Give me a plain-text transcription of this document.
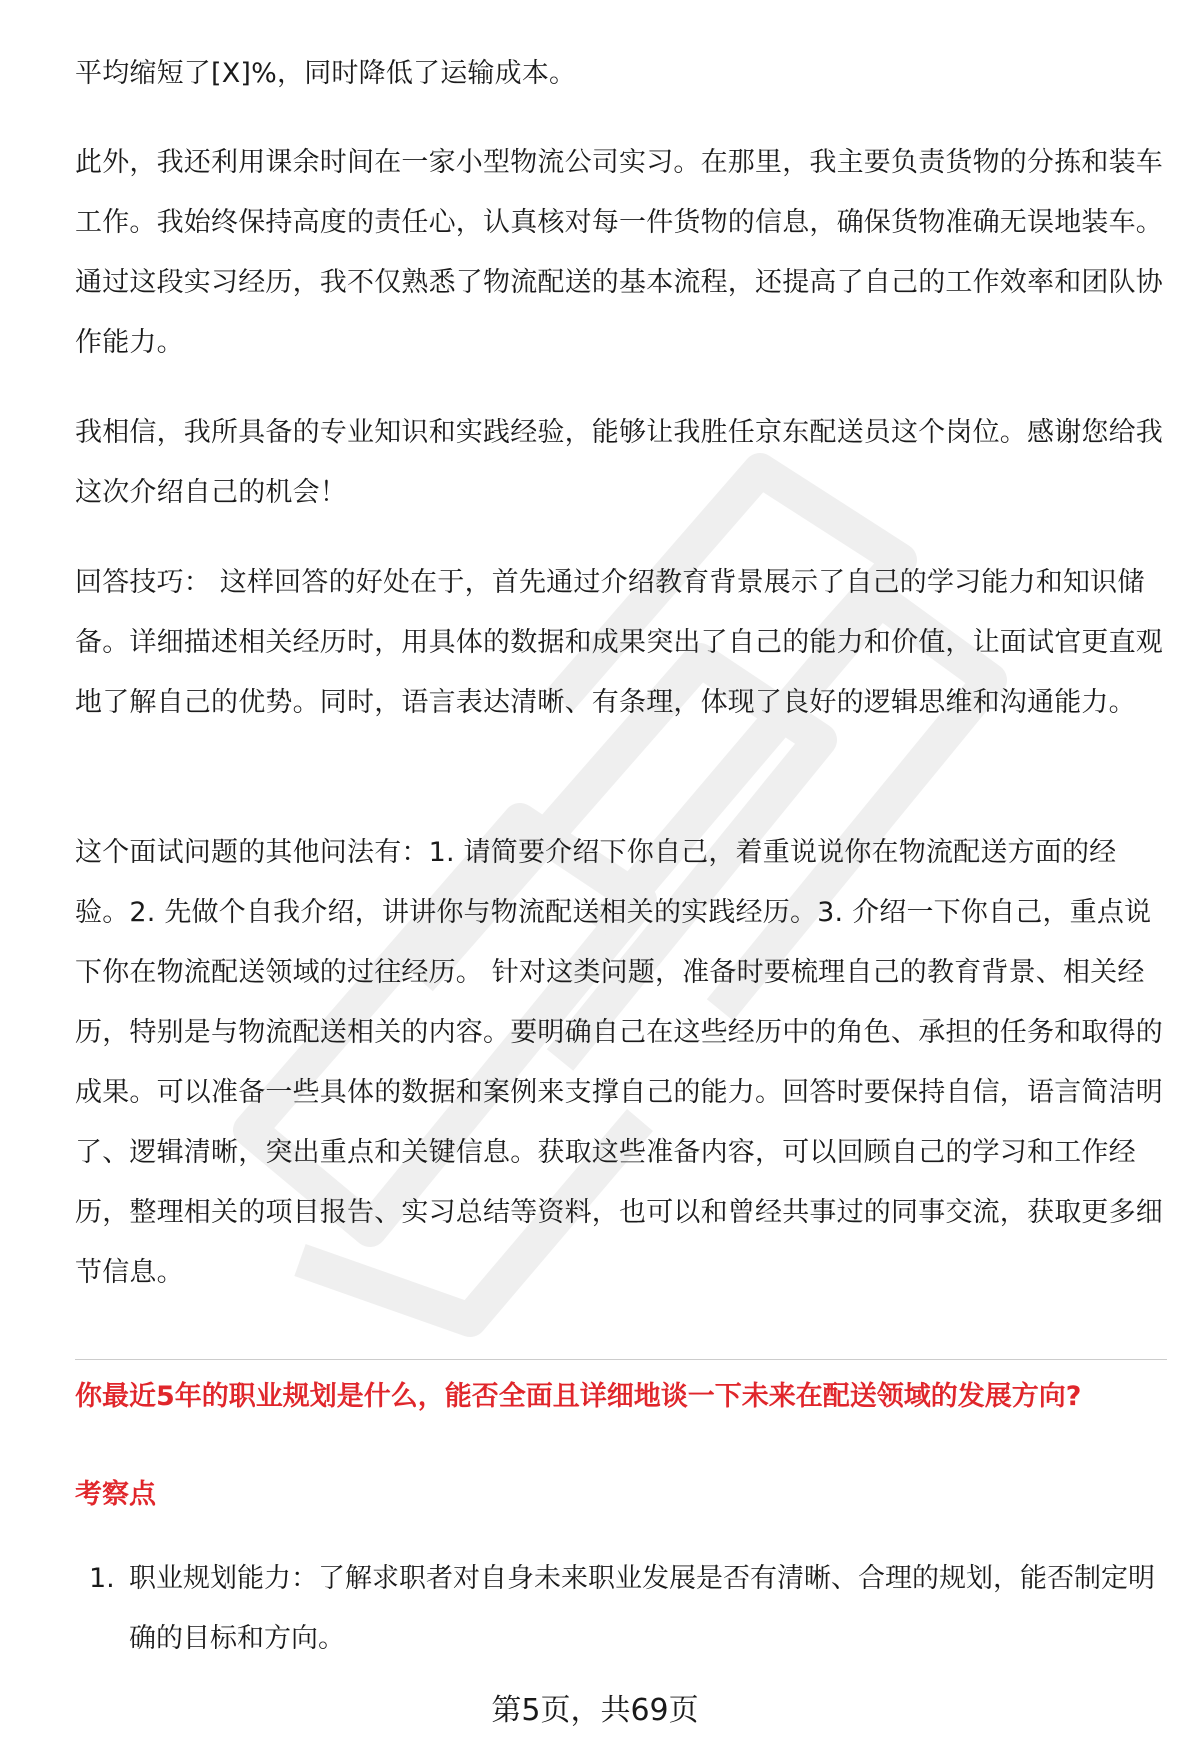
平均缩短了[X]%，同时降低了运输成本。

此外，我还利用课余时间在一家小型物流公司实习。在那里，我主要负责货物的分拣和装车工作。我始终保持高度的责任心，认真核对每一件货物的信息，确保货物准确无误地装车。通过这段实习经历，我不仅熟悉了物流配送的基本流程，还提高了自己的工作效率和团队协作能力。

我相信，我所具备的专业知识和实践经验，能够让我胜任京东配送员这个岗位。感谢您给我这次介绍自己的机会！

回答技巧： 这样回答的好处在于，首先通过介绍教育背景展示了自己的学习能力和知识储备。详细描述相关经历时，用具体的数据和成果突出了自己的能力和价值，让面试官更直观地了解自己的优势。同时，语言表达清晰、有条理，体现了良好的逻辑思维和沟通能力。

这个面试问题的其他问法有：1. 请简要介绍下你自己，着重说说你在物流配送方面的经验。2. 先做个自我介绍，讲讲你与物流配送相关的实践经历。3. 介绍一下你自己，重点说下你在物流配送领域的过往经历。 针对这类问题，准备时要梳理自己的教育背景、相关经历，特别是与物流配送相关的内容。要明确自己在这些经历中的角色、承担的任务和取得的成果。可以准备一些具体的数据和案例来支撑自己的能力。回答时要保持自信，语言简洁明了、逻辑清晰，突出重点和关键信息。获取这些准备内容，可以回顾自己的学习和工作经历，整理相关的项目报告、实习总结等资料，也可以和曾经共事过的同事交流，获取更多细节信息。

你最近5年的职业规划是什么，能否全面且详细地谈一下未来在配送领域的发展方向?

考察点

1. 职业规划能力：了解求职者对自身未来职业发展是否有清晰、合理的规划，能否制定明确的目标和方向。
第5页，共69页
